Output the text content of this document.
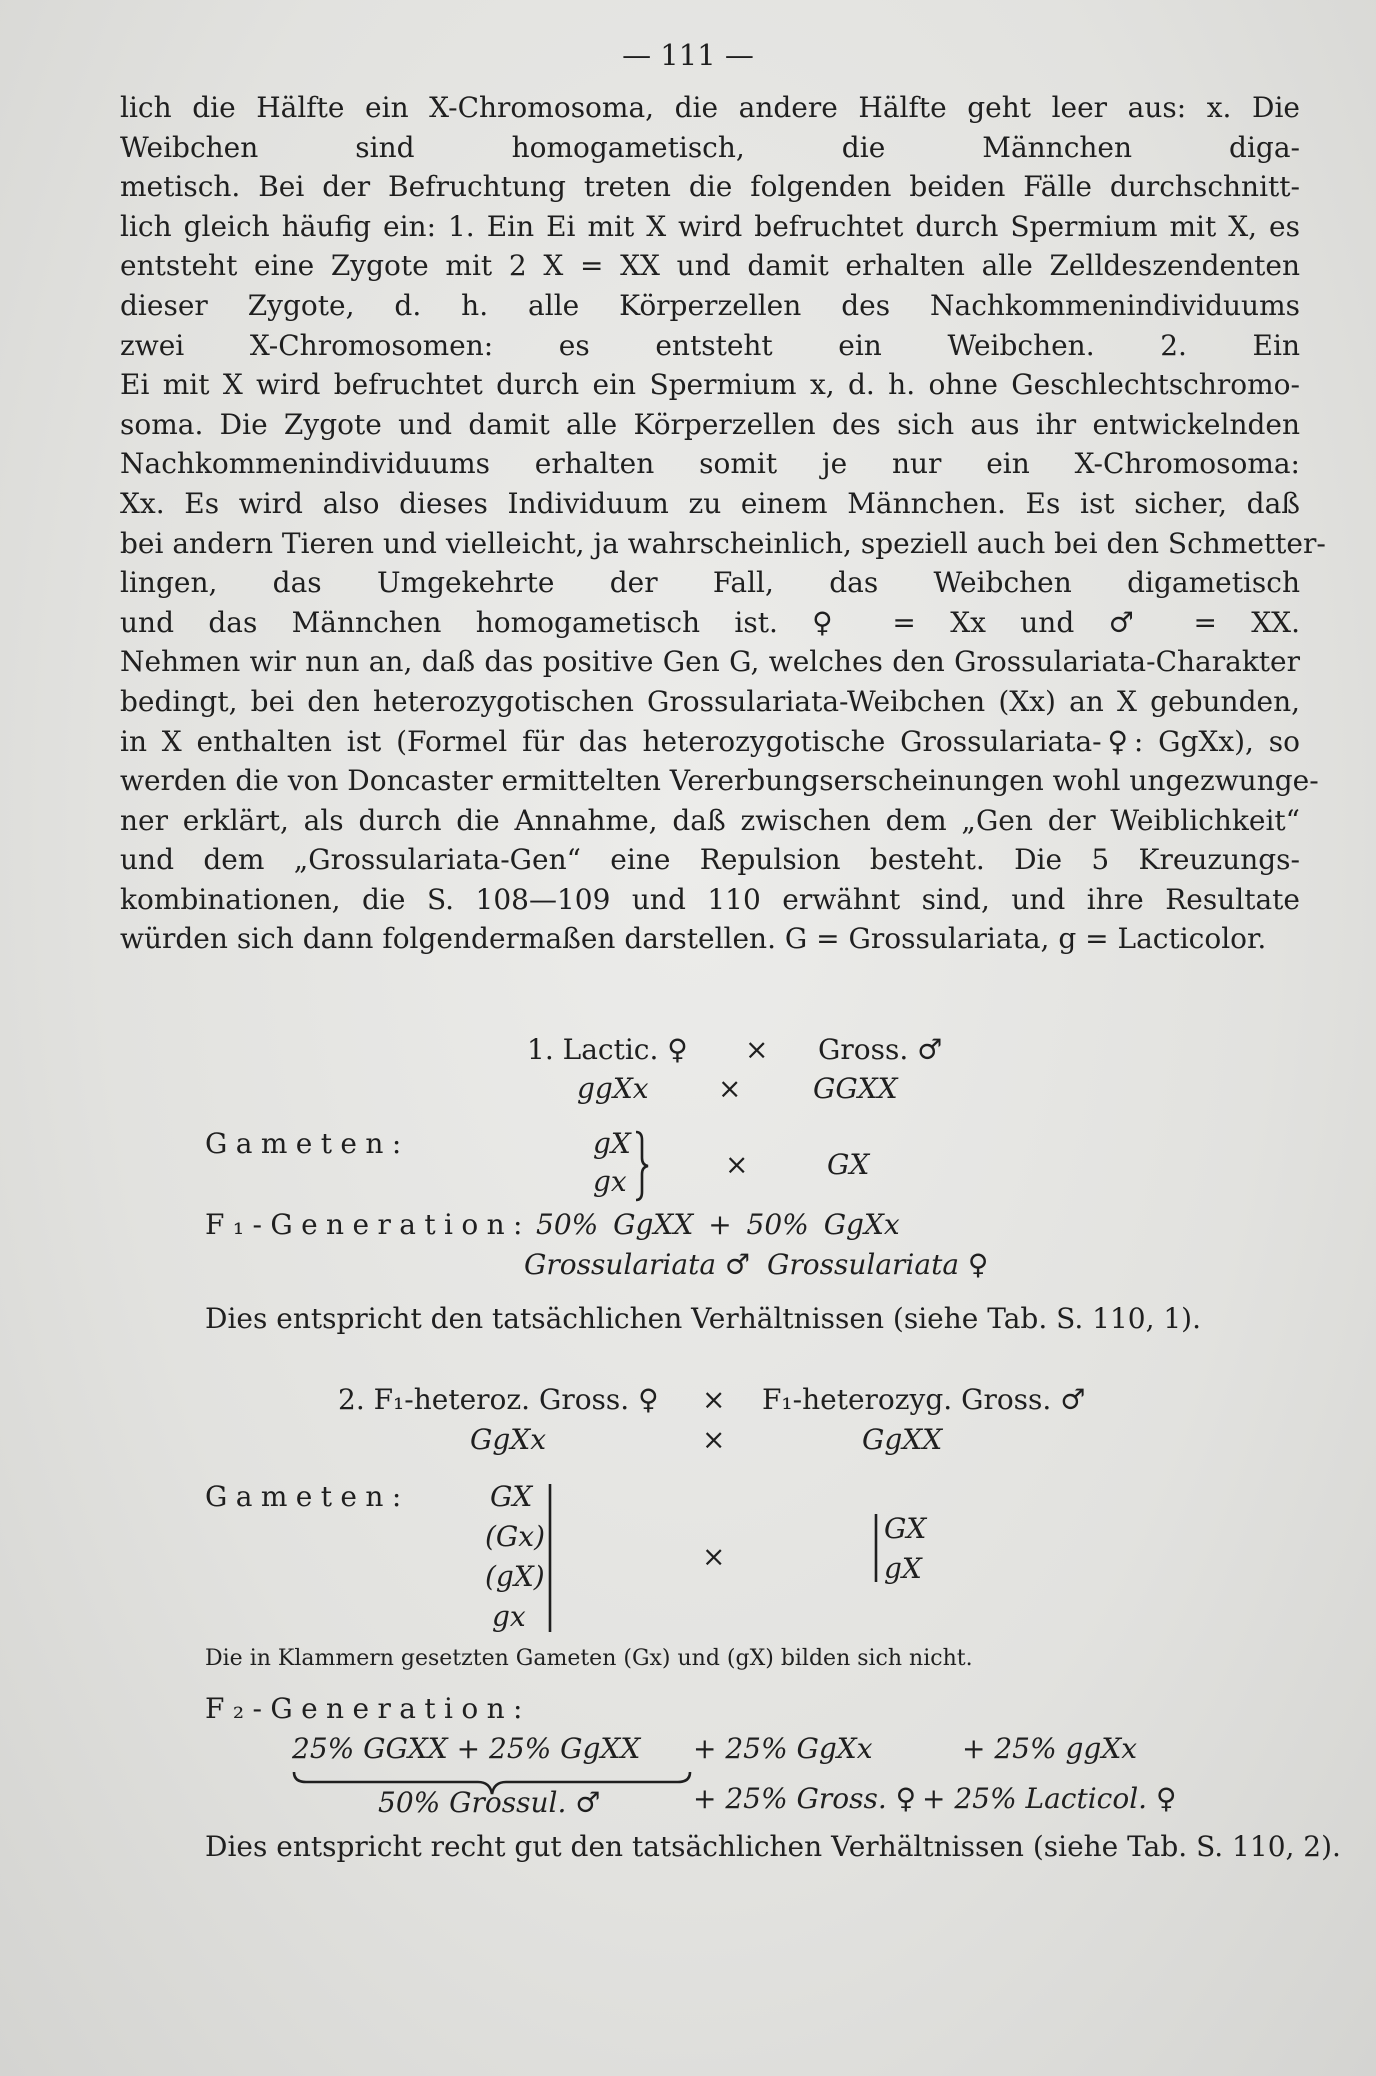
— 111 —

lich die Hälfte ein X-Chromosoma, die andere Hälfte geht leer aus: x. Die
Weibchen sind homogametisch, die Männchen diga-
metisch. Bei der Befruchtung treten die folgenden beiden Fälle durchschnitt-
lich gleich häufig ein: 1. Ein Ei mit X wird befruchtet durch Spermium mit X, es
entsteht eine Zygote mit 2 X = XX und damit erhalten alle Zelldeszendenten
dieser Zygote, d. h. alle Körperzellen des Nachkommenindividuums
zwei X-Chromosomen: es entsteht ein Weibchen. 2. Ein
Ei mit X wird befruchtet durch ein Spermium x, d. h. ohne Geschlechtschromo-
soma. Die Zygote und damit alle Körperzellen des sich aus ihr entwickelnden
Nachkommenindividuums erhalten somit je nur ein X-Chromosoma:
Xx. Es wird also dieses Individuum zu einem Männchen. Es ist sicher, daß
bei andern Tieren und vielleicht, ja wahrscheinlich, speziell auch bei den Schmetter-
lingen, das Umgekehrte der Fall, das Weibchen digametisch
und das Männchen homogametisch ist. ♀ = Xx und ♂ = XX.
Nehmen wir nun an, daß das positive Gen G, welches den Grossulariata-Charakter
bedingt, bei den heterozygotischen Grossulariata-Weibchen (Xx) an X gebunden,
in X enthalten ist (Formel für das heterozygotische Grossulariata-♀: GgXx), so
werden die von Doncaster ermittelten Vererbungserscheinungen wohl ungezwunge-
ner erklärt, als durch die Annahme, daß zwischen dem „Gen der Weiblichkeit“
und dem „Grossulariata-Gen“ eine Repulsion besteht. Die 5 Kreuzungs-
kombinationen, die S. 108—109 und 110 erwähnt sind, und ihre Resultate
würden sich dann folgendermaßen darstellen. G = Grossulariata, g = Lacticolor.

1. Lactic. ♀ × Gross. ♂
ggXx ×	GGXX
Gameten:	gX
gx
×	GX
F₁-Generation: 50% GgXX + 50% GgXx
Grossulariata ♂ Grossulariata ♀
Dies entspricht den tatsächlichen Verhältnissen (siehe Tab. S. 110, 1).
2. F₁-heteroz. Gross. ♀ × F₁-heterozyg. Gross. ♂
GgXx	×	GgXX
Gameten:	GX
(Gx)
(gX)
gx
×
GX
gX
Die in Klammern gesetzten Gameten (Gx) und (gX) bilden sich nicht.
F₂-Generation:
25% GGXX + 25% GgXX + 25% GgXx	+ 25% ggXx
50% Grossul. ♂	+ 25% Gross. ♀ + 25% Lacticol. ♀
Dies entspricht recht gut den tatsächlichen Verhältnissen (siehe Tab. S. 110, 2).
